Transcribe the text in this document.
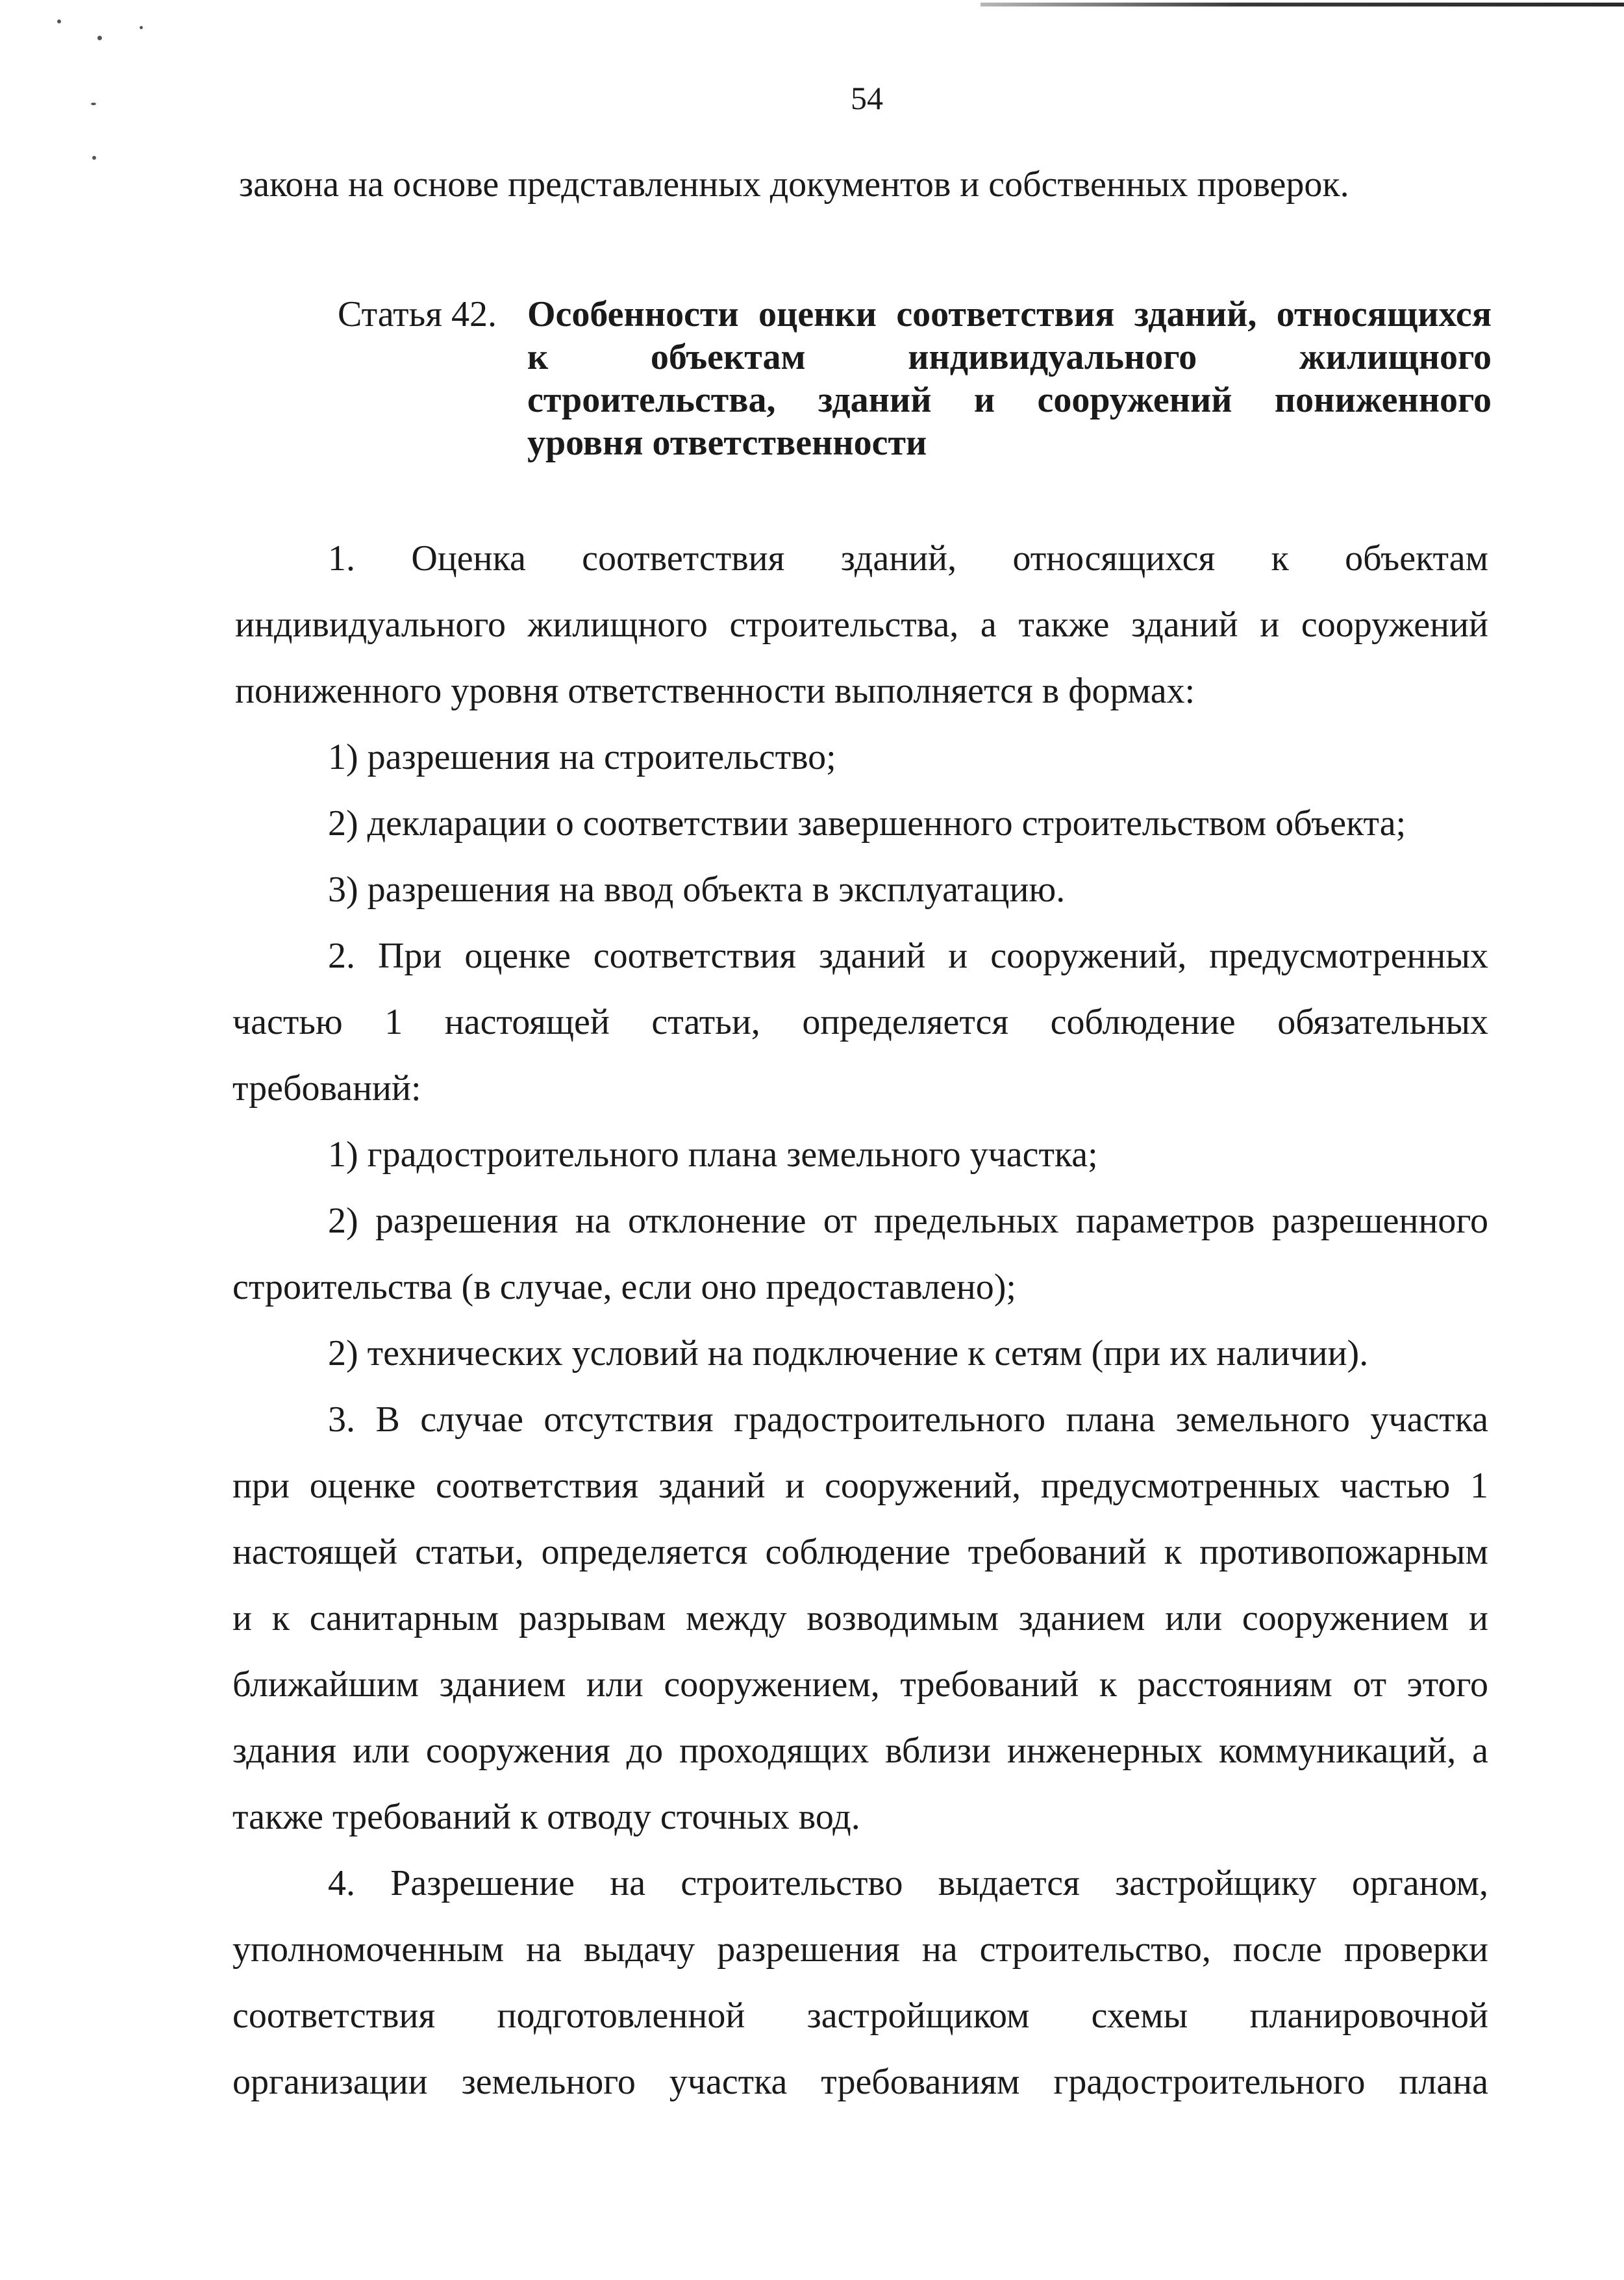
54
закона на основе представленных документов и собственных проверок.
Статья 42. Особенности оценки соответствия зданий, относящихся
к объектам индивидуального жилищного
строительства, зданий и сооружений пониженного
уровня ответственности
1. Оценка соответствия зданий, относящихся к объектам
индивидуального жилищного строительства, а также зданий и сооружений
пониженного уровня ответственности выполняется в формах:
1) разрешения на строительство;
2) декларации о соответствии завершенного строительством объекта;
3) разрешения на ввод объекта в эксплуатацию.
2. При оценке соответствия зданий и сооружений, предусмотренных
частью 1 настоящей статьи, определяется соблюдение обязательных
требований:
1) градостроительного плана земельного участка;
2) разрешения на отклонение от предельных параметров разрешенного
строительства (в случае, если оно предоставлено);
2) технических условий на подключение к сетям (при их наличии).
3. В случае отсутствия градостроительного плана земельного участка
при оценке соответствия зданий и сооружений, предусмотренных частью 1
настоящей статьи, определяется соблюдение требований к противопожарным
и к санитарным разрывам между возводимым зданием или сооружением и
ближайшим зданием или сооружением, требований к расстояниям от этого
здания или сооружения до проходящих вблизи инженерных коммуникаций, а
также требований к отводу сточных вод.
4. Разрешение на строительство выдается застройщику органом,
уполномоченным на выдачу разрешения на строительство, после проверки
соответствия подготовленной застройщиком схемы планировочной
организации земельного участка требованиям градостроительного плана
